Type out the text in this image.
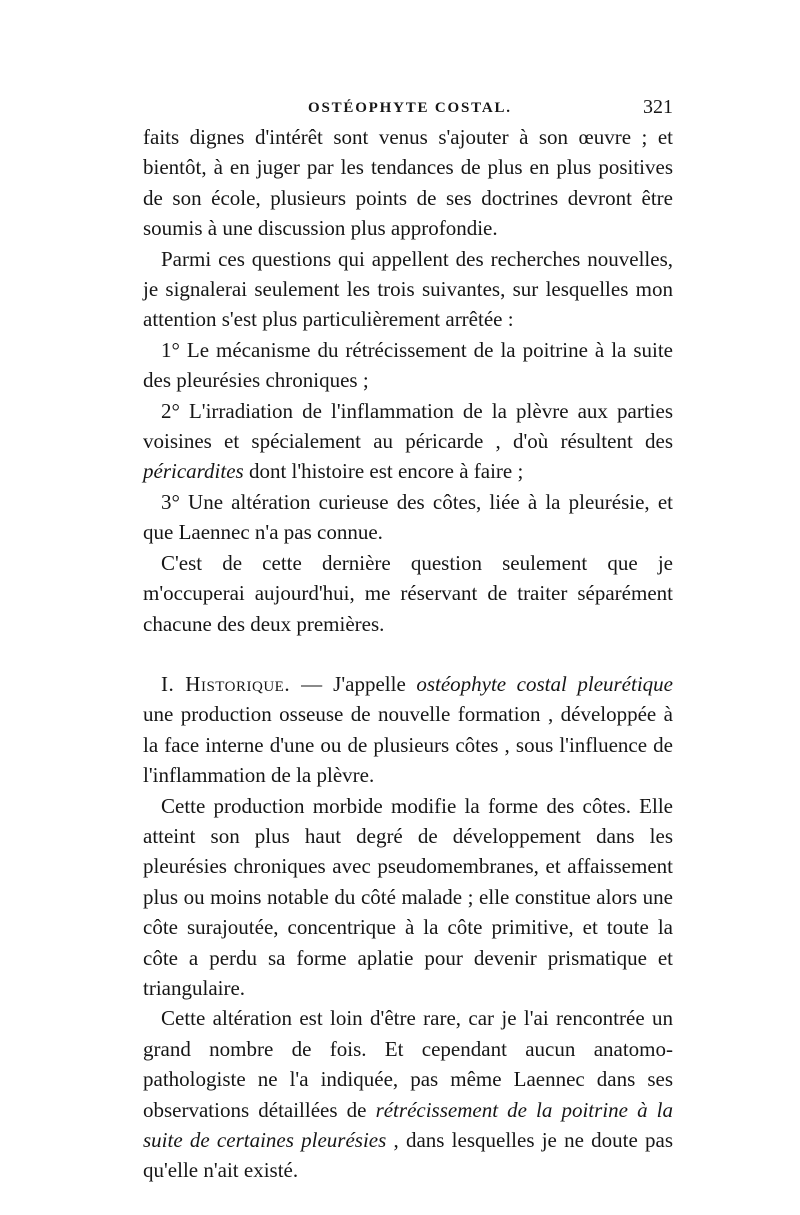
OSTÉOPHYTE COSTAL.	321

faits dignes d'intérêt sont venus s'ajouter à son œuvre ; et bientôt, à en juger par les tendances de plus en plus positives de son école, plusieurs points de ses doctrines devront être soumis à une discussion plus approfondie.

Parmi ces questions qui appellent des recherches nouvelles, je signalerai seulement les trois suivantes, sur lesquelles mon attention s'est plus particulièrement arrêtée :

1° Le mécanisme du rétrécissement de la poitrine à la suite des pleurésies chroniques ;

2° L'irradiation de l'inflammation de la plèvre aux parties voisines et spécialement au péricarde , d'où résultent des péricardites dont l'histoire est encore à faire ;

3° Une altération curieuse des côtes, liée à la pleurésie, et que Laennec n'a pas connue.

C'est de cette dernière question seulement que je m'occuperai aujourd'hui, me réservant de traiter séparément chacune des deux premières.

I. Historique. — J'appelle ostéophyte costal pleurétique une production osseuse de nouvelle formation , développée à la face interne d'une ou de plusieurs côtes , sous l'influence de l'inflammation de la plèvre.

Cette production morbide modifie la forme des côtes. Elle atteint son plus haut degré de développement dans les pleurésies chroniques avec pseudomembranes, et affaissement plus ou moins notable du côté malade ; elle constitue alors une côte surajoutée, concentrique à la côte primitive, et toute la côte a perdu sa forme aplatie pour devenir prismatique et triangulaire.

Cette altération est loin d'être rare, car je l'ai rencontrée un grand nombre de fois. Et cependant aucun anatomo-pathologiste ne l'a indiquée, pas même Laennec dans ses observations détaillées de rétrécissement de la poitrine à la suite de certaines pleurésies , dans lesquelles je ne doute pas qu'elle n'ait existé.
